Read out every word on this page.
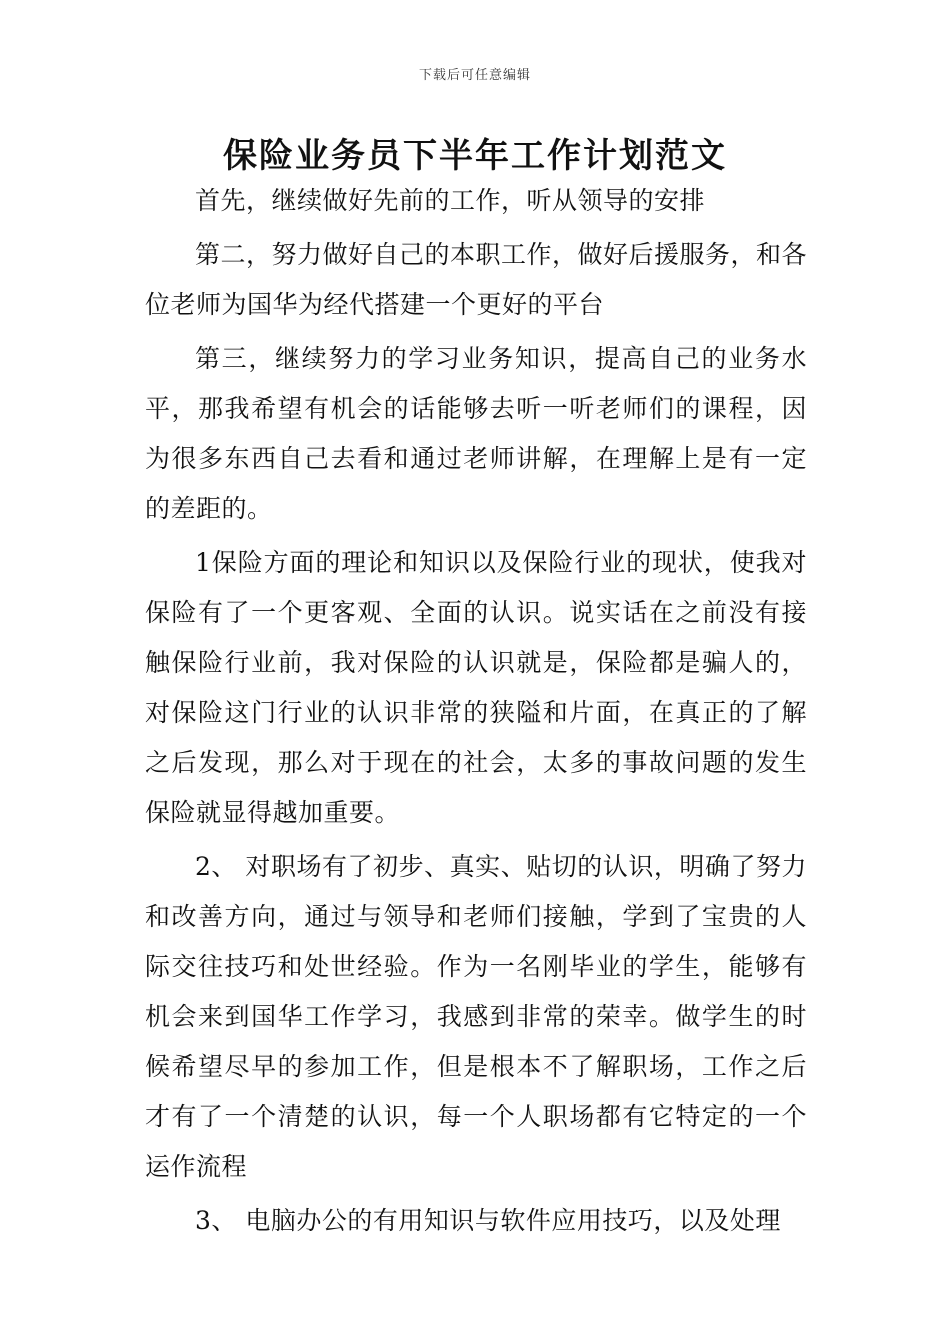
下载后可任意编辑
保险业务员下半年工作计划范文

首先，继续做好先前的工作，听从领导的安排

第二，努力做好自己的本职工作，做好后援服务，和各位老师为国华为经代搭建一个更好的平台

第三，继续努力的学习业务知识，提高自己的业务水平，那我希望有机会的话能够去听一听老师们的课程，因为很多东西自己去看和通过老师讲解，在理解上是有一定的差距的。

1保险方面的理论和知识以及保险行业的现状，使我对保险有了一个更客观、全面的认识。说实话在之前没有接触保险行业前，我对保险的认识就是，保险都是骗人的，对保险这门行业的认识非常的狭隘和片面，在真正的了解之后发现，那么对于现在的社会，太多的事故问题的发生保险就显得越加重要。

2、 对职场有了初步、真实、贴切的认识，明确了努力和改善方向，通过与领导和老师们接触，学到了宝贵的人际交往技巧和处世经验。作为一名刚毕业的学生，能够有机会来到国华工作学习，我感到非常的荣幸。做学生的时候希望尽早的参加工作，但是根本不了解职场，工作之后才有了一个清楚的认识，每一个人职场都有它特定的一个运作流程

3、 电脑办公的有用知识与软件应用技巧，以及处理
